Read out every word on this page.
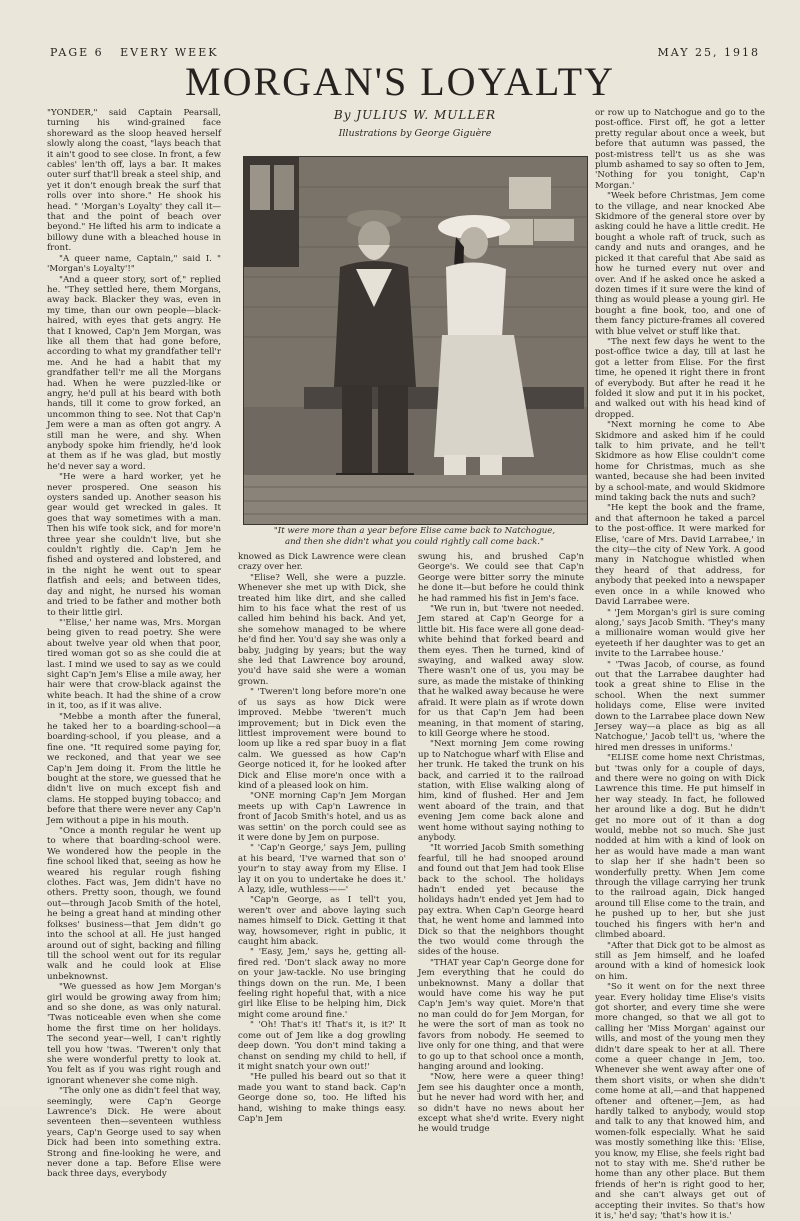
PAGE 6 EVERY WEEK	MAY 25, 1918
MORGAN'S LOYALTY
By JULIUS W. MULLER
Illustrations by George Giguère
"It were more than a year before Elise came back to Natchogue,
and then she didn't what you could rightly call come back."

"YONDER," said Captain Pearsall, turning his wind-grained face shoreward as the sloop heaved herself slowly along the coast, "lays beach that it ain't good to see close. In front, a few cables' len'th off, lays a bar. It makes outer surf that'll break a steel ship, and yet it don't enough break the surf that rolls over into shore." He shook his head. " 'Morgan's Loyalty' they call it—that and the point of beach over beyond." He lifted his arm to indicate a billowy dune with a bleached house in front.

"A queer name, Captain," said I. " 'Morgan's Loyalty'!"

"And a queer story, sort of," replied he. "They settled here, them Morgans, away back. Blacker they was, even in my time, than our own people—black-haired, with eyes that gets angry. He that I knowed, Cap'n Jem Morgan, was like all them that had gone before, according to what my grandfather tell'r me. And he had a habit that my grandfather tell'r me all the Morgans had. When he were puzzled-like or angry, he'd pull at his beard with both hands, till it come to grow forked, an uncommon thing to see. Not that Cap'n Jem were a man as often got angry. A still man he were, and shy. When anybody spoke him friendly, he'd look at them as if he was glad, but mostly he'd never say a word.

"He were a hard worker, yet he never prospered. One season his oysters sanded up. Another season his gear would get wrecked in gales. It goes that way sometimes with a man. Then his wife took sick, and for more'n three year she couldn't live, but she couldn't rightly die. Cap'n Jem he fished and oystered and lobstered, and in the night he went out to spear flatfish and eels; and between tides, day and night, he nursed his woman and tried to be father and mother both to their little girl.

"'Elise,' her name was, Mrs. Morgan being given to read poetry. She were about twelve year old when that poor, tired woman got so as she could die at last. I mind we used to say as we could sight Cap'n Jem's Elise a mile away, her hair were that crow-black against the white beach. It had the shine of a crow in it, too, as if it was alive.

"Mebbe a month after the funeral, he taked her to a boarding-school—a boarding-school, if you please, and a fine one. "It required some paying for, we reckoned, and that year we see Cap'n Jem doing it. From the little he bought at the store, we guessed that he didn't live on much except fish and clams. He stopped buying tobacco; and before that there were never any Cap'n Jem without a pipe in his mouth.

"Once a month regular he went up to where that boarding-school were. We wondered how the people in the fine school liked that, seeing as how he weared his regular rough fishing clothes. Fact was, Jem didn't have no others. Pretty soon, though, we found out—through Jacob Smith of the hotel, he being a great hand at minding other folkses' business—that Jem didn't go into the school at all. He just hanged around out of sight, backing and filling till the school went out for its regular walk and he could look at Elise unbeknownst.

"We guessed as how Jem Morgan's girl would be growing away from him; and so she done, as was only natural. 'Twas noticeable even when she come home the first time on her holidays. The second year—well, I can't rightly tell you how 'twas. 'Tweren't only that she were wonderful pretty to look at. You felt as if you was right rough and ignorant whenever she come nigh.

"The only one as didn't feel that way, seemingly, were Cap'n George Lawrence's Dick. He were about seventeen then—seventeen wuthless years, Cap'n George used to say when Dick had been into something extra. Strong and fine-looking he were, and never done a tap. Before Elise were back three days, everybody

knowed as Dick Lawrence were clean crazy over her.

"Elise? Well, she were a puzzle. Whenever she met up with Dick, she treated him like dirt, and she called him to his face what the rest of us called him behind his back. And yet, she somehow managed to be where he'd find her. You'd say she was only a baby, judging by years; but the way she led that Lawrence boy around, you'd have said she were a woman grown.

" 'Tweren't long before more'n one of us says as how Dick were improved. Mebbe 'tweren't much improvement; but in Dick even the littlest improvement were bound to loom up like a red spar buoy in a flat calm. We guessed as how Cap'n George noticed it, for he looked after Dick and Elise more'n once with a kind of a pleased look on him.

"ONE morning Cap'n Jem Morgan meets up with Cap'n Lawrence in front of Jacob Smith's hotel, and us as was settin' on the porch could see as it were done by Jem on purpose.

" 'Cap'n George,' says Jem, pulling at his beard, 'I've warned that son o' your'n to stay away from my Elise. I lay it on you to undertake he does it.' A lazy, idle, wuthless——'

"Cap'n George, as I tell't you, weren't over and above laying such names himself to Dick. Getting it that way, howsomever, right in public, it caught him aback.

" 'Easy, Jem,' says he, getting all-fired red. 'Don't slack away no more on your jaw-tackle. No use bringing things down on the run. Me, I been feeling right hopeful that, with a nice girl like Elise to be helping him, Dick might come around fine.'

" 'Oh! That's it! That's it, is it?' It come out of Jem like a dog growling deep down. 'You don't mind taking a chanst on sending my child to hell, if it might snatch your own out!'

"He pulled his beard out so that it made you want to stand back. Cap'n George done so, too. He lifted his hand, wishing to make things easy. Cap'n Jem

swung his, and brushed Cap'n George's. We could see that Cap'n George were bitter sorry the minute he done it—but before he could think he had rammed his fist in Jem's face.

"We run in, but 'twere not needed. Jem stared at Cap'n George for a little bit. His face were all gone dead-white behind that forked beard and them eyes. Then he turned, kind of swaying, and walked away slow. There wasn't one of us, you may be sure, as made the mistake of thinking that he walked away because he were afraid. It were plain as if wrote down for us that Cap'n Jem had been meaning, in that moment of staring, to kill George where he stood.

"Next morning Jem come rowing up to Natchogue wharf with Elise and her trunk. He taked the trunk on his back, and carried it to the railroad station, with Elise walking along of him, kind of flushed. Her and Jem went aboard of the train, and that evening Jem come back alone and went home without saying nothing to anybody.

"It worried Jacob Smith something fearful, till he had snooped around and found out that Jem had took Elise back to the school. The holidays hadn't ended yet because the holidays hadn't ended yet Jem had to pay extra. When Cap'n George heard that, he went home and lammed into Dick so that the neighbors thought the two would come through the sides of the house.

"THAT year Cap'n George done for Jem everything that he could do unbeknownst. Many a dollar that would have come his way he put Cap'n Jem's way quiet. More'n that no man could do for Jem Morgan, for he were the sort of man as took no favors from nobody. He seemed to live only for one thing, and that were to go up to that school once a month, hanging around and looking.

"Now, here were a queer thing! Jem see his daughter once a month, but he never had word with her, and so didn't have no news about her except what she'd write. Every night he would trudge

or row up to Natchogue and go to the post-office. First off, he got a letter pretty regular about once a week, but before that autumn was passed, the post-mistress tell't us as she was plumb ashamed to say so often to Jem, 'Nothing for you tonight, Cap'n Morgan.'

"Week before Christmas, Jem come to the village, and near knocked Abe Skidmore of the general store over by asking could he have a little credit. He bought a whole raft of truck, such as candy and nuts and oranges, and he picked it that careful that Abe said as how he turned every nut over and over. And if he asked once he asked a dozen times if it sure were the kind of thing as would please a young girl. He bought a fine book, too, and one of them fancy picture-frames all covered with blue velvet or stuff like that.

"The next few days he went to the post-office twice a day, till at last he got a letter from Elise. For the first time, he opened it right there in front of everybody. But after he read it he folded it slow and put it in his pocket, and walked out with his head kind of dropped.

"Next morning he come to Abe Skidmore and asked him if he could talk to him private, and he tell't Skidmore as how Elise couldn't come home for Christmas, much as she wanted, because she had been invited by a school-mate, and would Skidmore mind taking back the nuts and such?

"He kept the book and the frame, and that afternoon he taked a parcel to the post-office. It were marked for Elise, 'care of Mrs. David Larrabee,' in the city—the city of New York. A good many in Natchogue whistled when they heard of that address, for anybody that peeked into a newspaper even once in a while knowed who David Larrabee were.

" 'Jem Morgan's girl is sure coming along,' says Jacob Smith. 'They's many a millionaire woman would give her eyeteeth if her daughter was to get an invite to the Larrabee house.'

" 'Twas Jacob, of course, as found out that the Larrabee daughter had took a great shine to Elise in the school. When the next summer holidays come, Elise were invited down to the Larrabee place down New Jersey way—a place as big as all Natchogue,' Jacob tell't us, 'where the hired men dresses in uniforms.'

"ELISE come home next Christmas, but 'twas only for a couple of days, and there were no going on with Dick Lawrence this time. He put himself in her way steady. In fact, he followed her around like a dog. But he didn't get no more out of it than a dog would, mebbe not so much. She just nodded at him with a kind of look on her as would have made a man want to slap her if she hadn't been so wonderfully pretty. When Jem come through the village carrying her trunk to the railroad again, Dick hanged around till Elise come to the train, and he pushed up to her, but she just touched his fingers with her'n and climbed aboard.

"After that Dick got to be almost as still as Jem himself, and he loafed around with a kind of homesick look on him.

"So it went on for the next three year. Every holiday time Elise's visits got shorter, and every time she were more changed, so that we all got to calling her 'Miss Morgan' against our wills, and most of the young men they didn't dare speak to her at all. There come a queer change in Jem, too. Whenever she went away after one of them short visits, or when she didn't come home at all,—and that happened oftener and oftener,—Jem, as had hardly talked to anybody, would stop and talk to any that knowed him, and women-folk especially. What he said was mostly something like this: 'Elise, you know, my Elise, she feels right bad not to stay with me. She'd ruther be home than any other place. But them friends of her'n is right good to her, and she can't always get out of accepting their invites. So that's how it is,' he'd say; 'that's how it is.'
